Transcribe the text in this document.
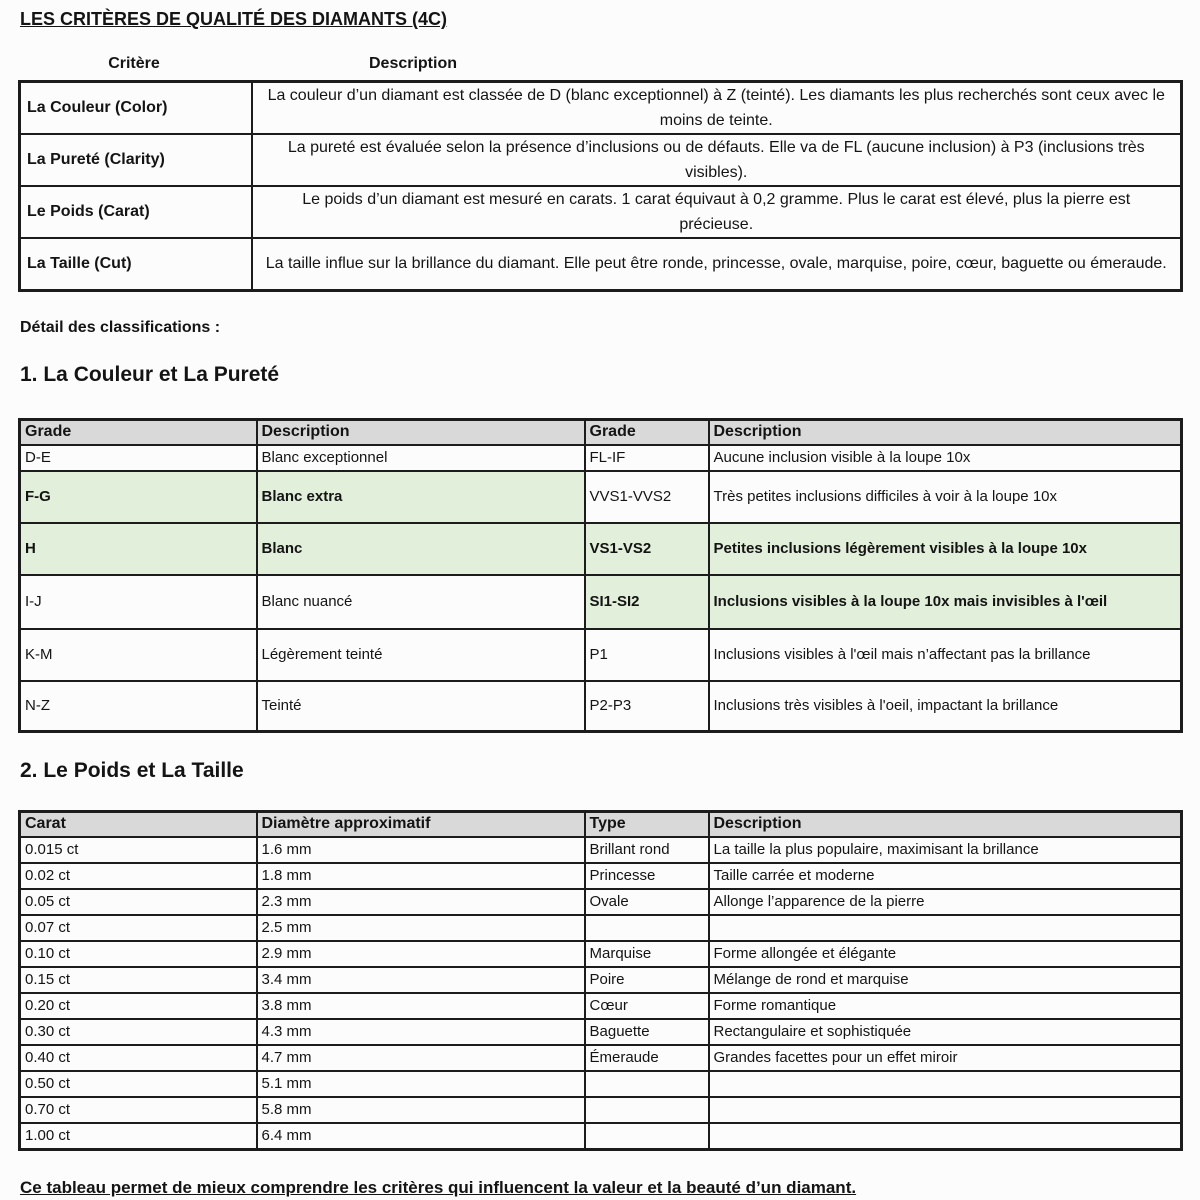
LES CRITÈRES DE QUALITÉ DES DIAMANTS (4C)
Critère	Description
La Couleur (Color)	La couleur d’un diamant est classée de D (blanc exceptionnel) à Z (teinté). Les diamants les plus recherchés sont ceux avec le moins de teinte.
La Pureté (Clarity)	La pureté est évaluée selon la présence d’inclusions ou de défauts. Elle va de FL (aucune inclusion) à P3 (inclusions très visibles).
Le Poids (Carat)	Le poids d’un diamant est mesuré en carats. 1 carat équivaut à 0,2 gramme. Plus le carat est élevé, plus la pierre est précieuse.
La Taille (Cut)	La taille influe sur la brillance du diamant. Elle peut être ronde, princesse, ovale, marquise, poire, cœur, baguette ou émeraude.
Détail des classifications :
1. La Couleur et La Pureté
Grade	Description	Grade	Description
D-E	Blanc exceptionnel	FL-IF	Aucune inclusion visible à la loupe 10x
F-G	Blanc extra	VVS1-VVS2	Très petites inclusions difficiles à voir à la loupe 10x
H	Blanc	VS1-VS2	Petites inclusions légèrement visibles à la loupe 10x
I-J	Blanc nuancé	SI1-SI2	Inclusions visibles à la loupe 10x mais invisibles à l'œil
K-M	Légèrement teinté	P1	Inclusions visibles à l'œil mais n’affectant pas la brillance
N-Z	Teinté	P2-P3	Inclusions très visibles à l'oeil, impactant la brillance
2. Le Poids et La Taille
Carat	Diamètre approximatif	Type	Description
0.015 ct	1.6 mm	Brillant rond	La taille la plus populaire, maximisant la brillance
0.02 ct	1.8 mm	Princesse	Taille carrée et moderne
0.05 ct	2.3 mm	Ovale	Allonge l’apparence de la pierre
0.07 ct	2.5 mm		
0.10 ct	2.9 mm	Marquise	Forme allongée et élégante
0.15 ct	3.4 mm	Poire	Mélange de rond et marquise
0.20 ct	3.8 mm	Cœur	Forme romantique
0.30 ct	4.3 mm	Baguette	Rectangulaire et sophistiquée
0.40 ct	4.7 mm	Émeraude	Grandes facettes pour un effet miroir
0.50 ct	5.1 mm		
0.70 ct	5.8 mm		
1.00 ct	6.4 mm		
Ce tableau permet de mieux comprendre les critères qui influencent la valeur et la beauté d’un diamant.
